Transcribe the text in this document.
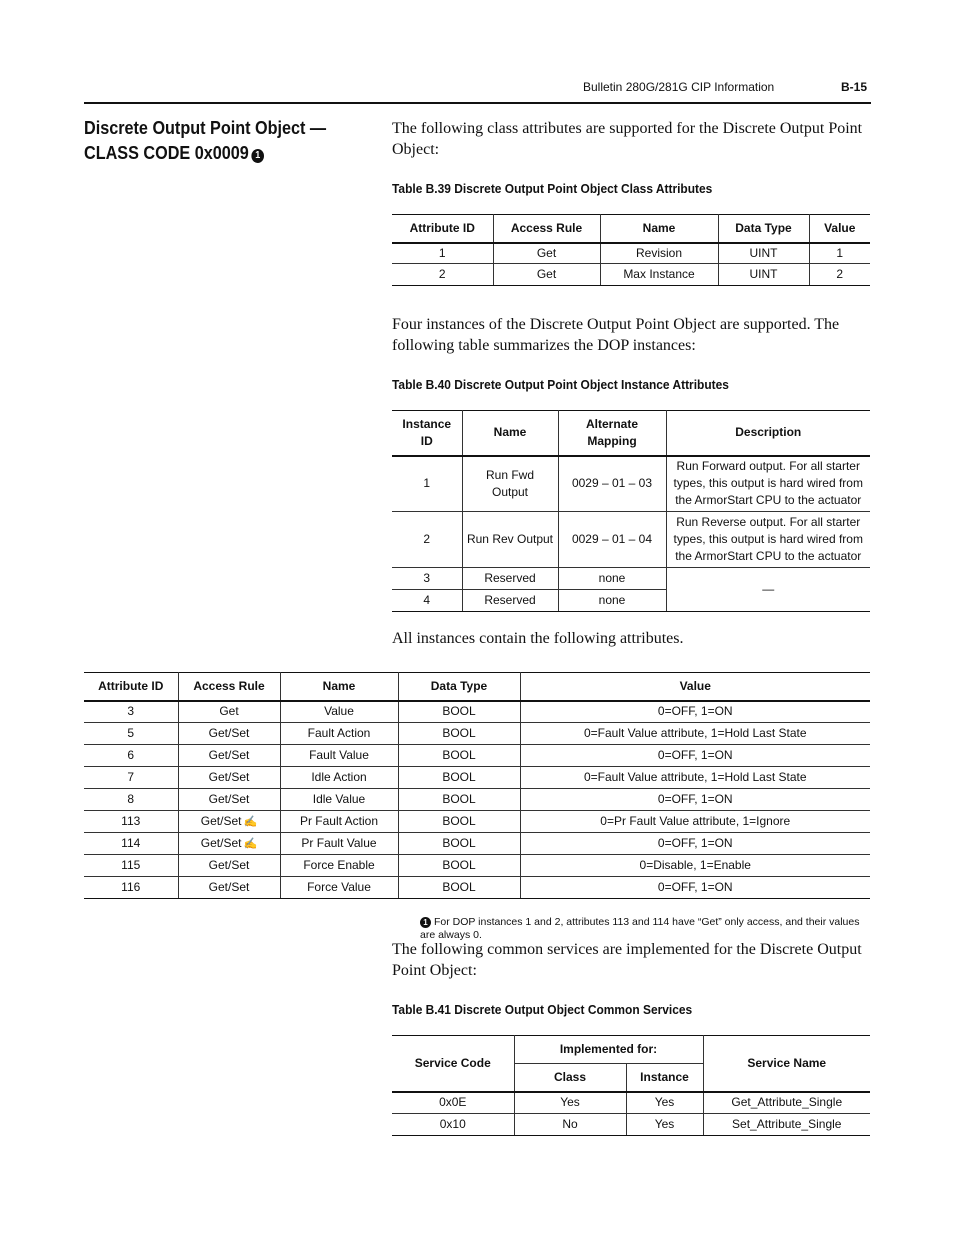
Bulletin 280G/281G CIP Information	B-15
Discrete Output Point Object —
CLASS CODE 0x0009 1
The following class attributes are supported for the Discrete Output Point Object:
Table B.39 Discrete Output Point Object Class Attributes
Attribute ID	Access Rule	Name	Data Type	Value
1	Get	Revision	UINT	1
2	Get	Max Instance	UINT	2
Four instances of the Discrete Output Point Object are supported. The following table summarizes the DOP instances:
Table B.40 Discrete Output Point Object Instance Attributes
Instance ID	Name	Alternate Mapping	Description
1	Run Fwd Output	0029 – 01 – 03	Run Forward output. For all starter types, this output is hard wired from the ArmorStart CPU to the actuator
2	Run Rev Output	0029 – 01 – 04	Run Reverse output. For all starter types, this output is hard wired from the ArmorStart CPU to the actuator
3	Reserved	none	—
4	Reserved	none	
All instances contain the following attributes.
Attribute ID	Access Rule	Name	Data Type	Value
3	Get	Value	BOOL	0=OFF, 1=ON
5	Get/Set	Fault Action	BOOL	0=Fault Value attribute, 1=Hold Last State
6	Get/Set	Fault Value	BOOL	0=OFF, 1=ON
7	Get/Set	Idle Action	BOOL	0=Fault Value attribute, 1=Hold Last State
8	Get/Set	Idle Value	BOOL	0=OFF, 1=ON
113	Get/Set ✍	Pr Fault Action	BOOL	0=Pr Fault Value attribute, 1=Ignore
114	Get/Set ✍	Pr Fault Value	BOOL	0=OFF, 1=ON
115	Get/Set	Force Enable	BOOL	0=Disable, 1=Enable
116	Get/Set	Force Value	BOOL	0=OFF, 1=ON
1 For DOP instances 1 and 2, attributes 113 and 114 have “Get” only access, and their values are always 0.
The following common services are implemented for the Discrete Output Point Object:
Table B.41 Discrete Output Object Common Services
Service Code	Implemented for:		Service Name
	Class	Instance	
0x0E	Yes	Yes	Get_Attribute_Single
0x10	No	Yes	Set_Attribute_Single
